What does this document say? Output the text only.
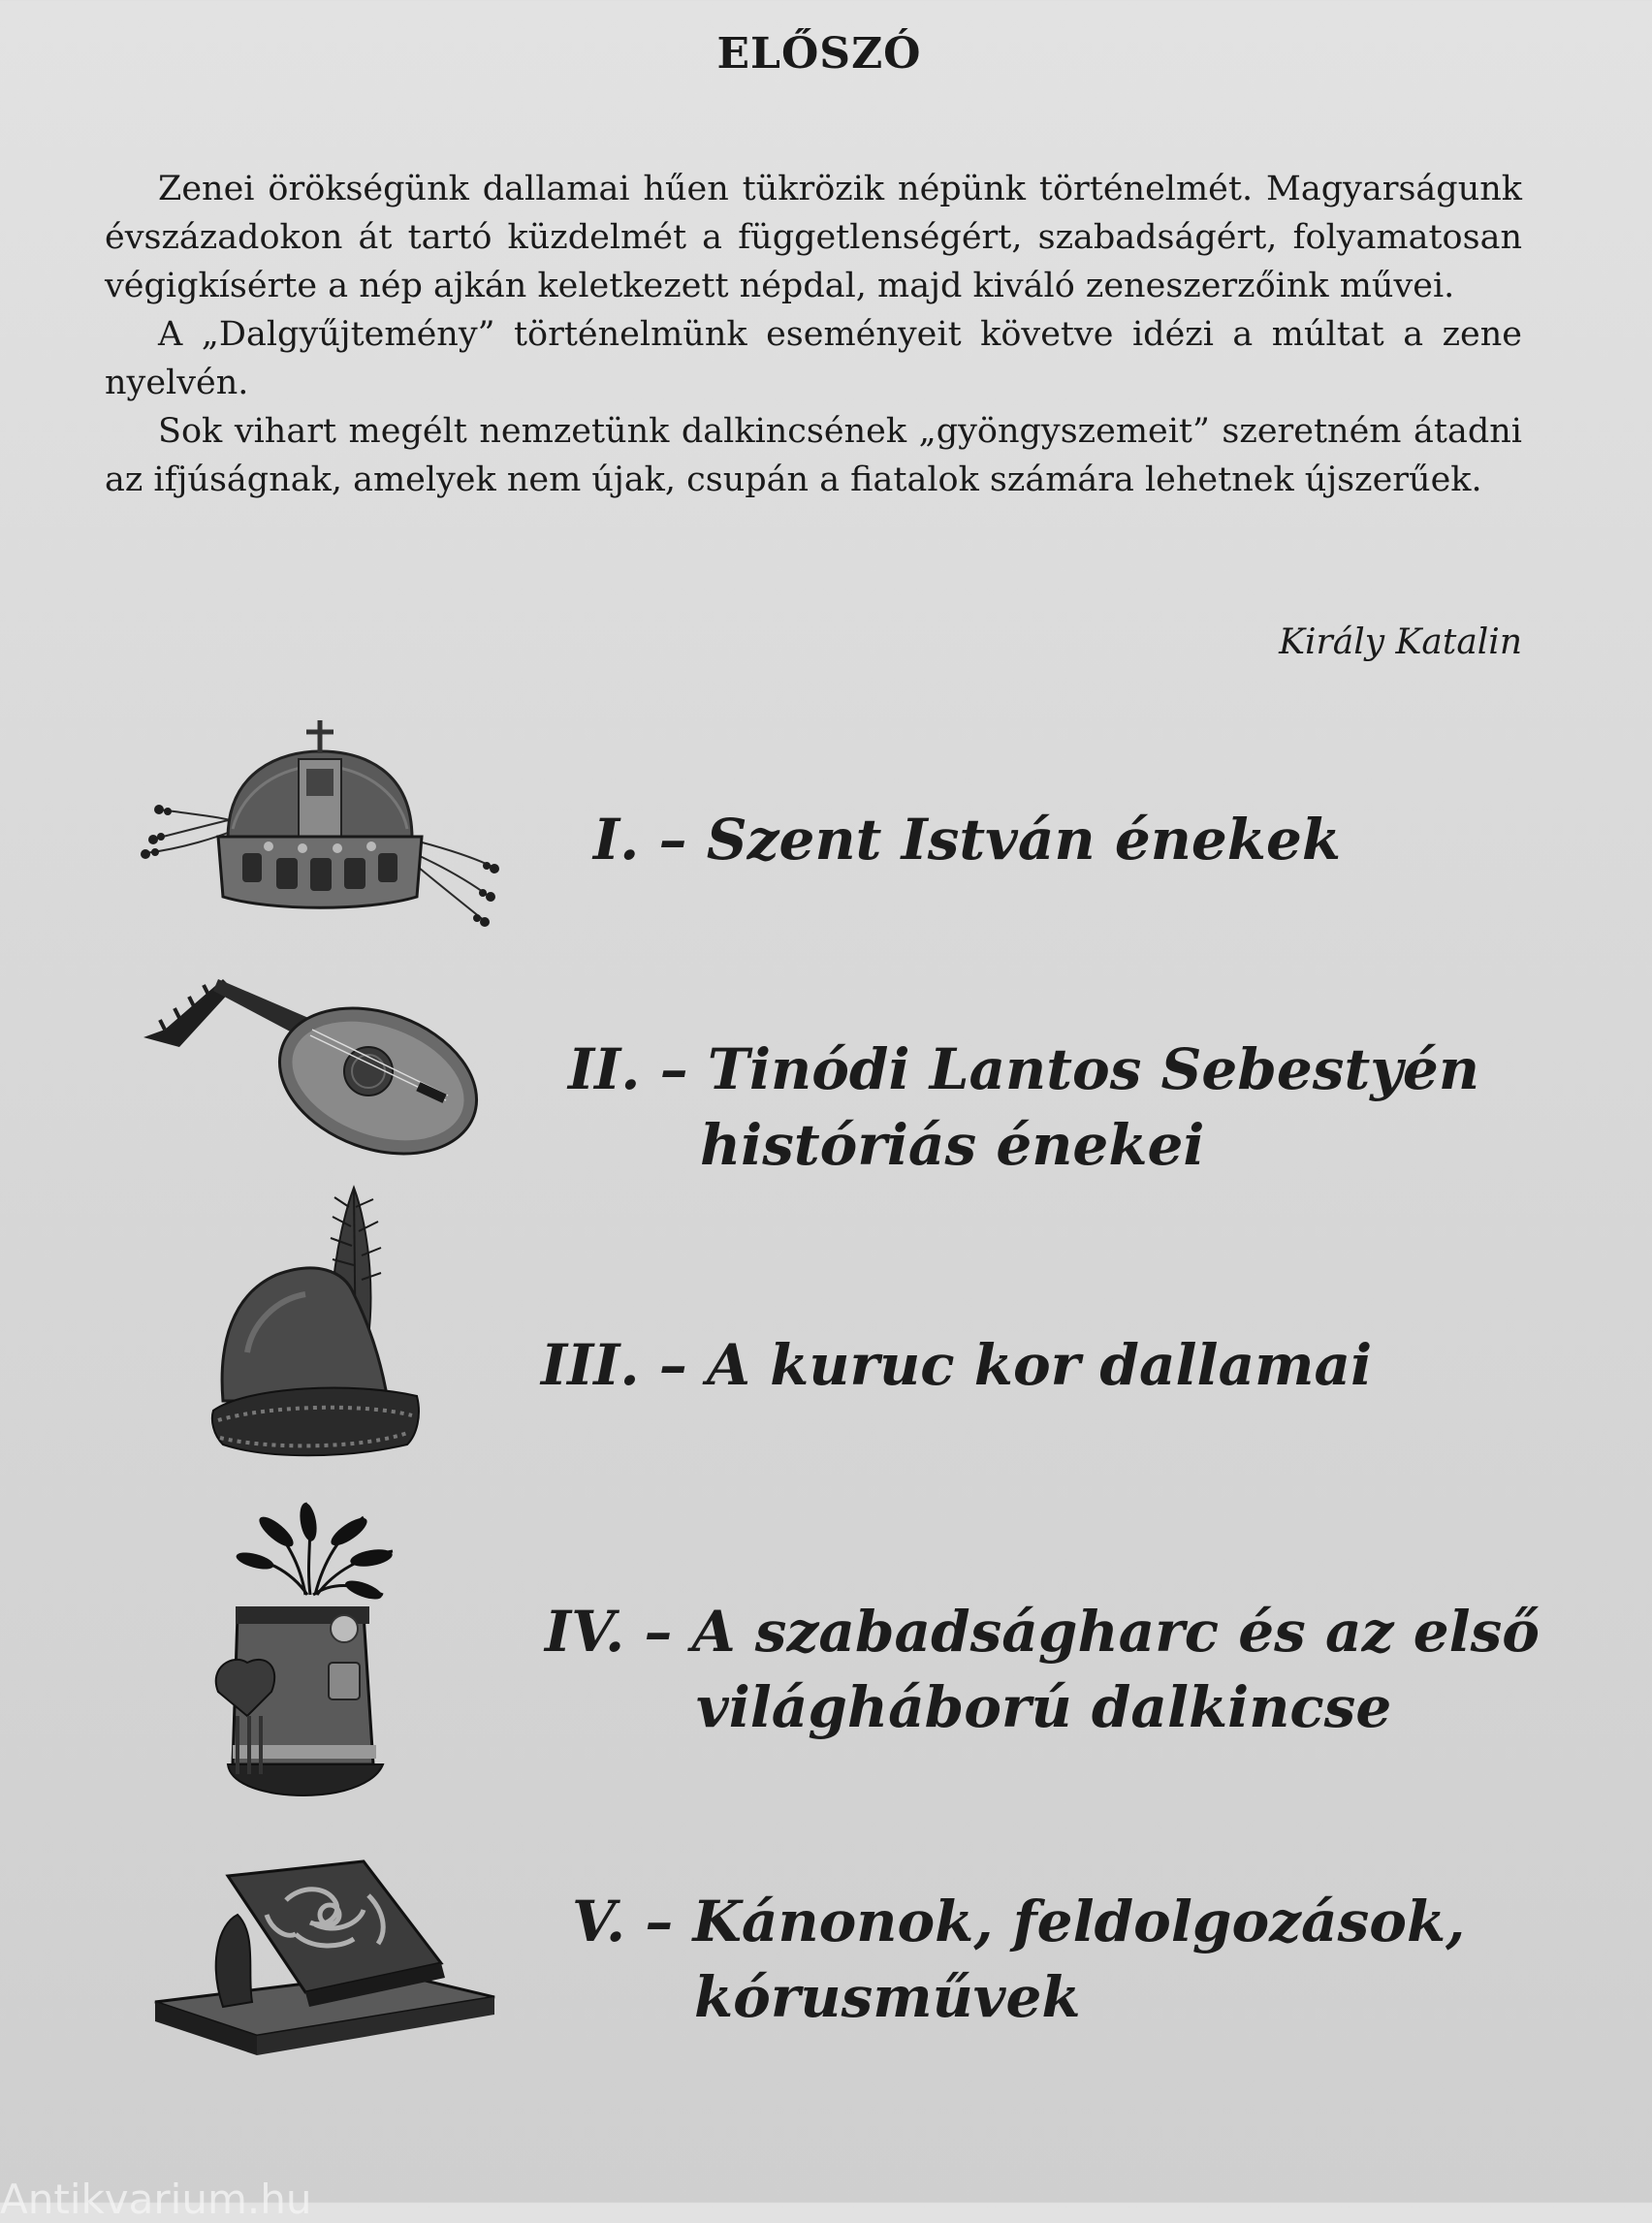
ELŐSZÓ

Zenei örökségünk dallamai hűen tükrözik népünk történelmét. Magyarságunk évszázadokon át tartó küzdelmét a függetlenségért, szabadságért, folyamatosan végigkísérte a nép ajkán keletkezett népdal, majd kiváló zeneszerzőink művei.

A „Dalgyűjtemény” történelmünk eseményeit követve idézi a múltat a zene nyelvén.

Sok vihart megélt nemzetünk dalkincsének „gyöngyszemeit” szeretném átadni az ifjúságnak, amelyek nem újak, csupán a fiatalok számára lehetnek újszerűek.

Király Katalin
I. – Szent István énekek
II. – Tinódi Lantos Sebestyén
históriás énekei
III. – A kuruc kor dallamai
IV. – A szabadságharc és az első
világháború dalkincse
V. – Kánonok, feldolgozások,
kórusművek
Antikvarium.hu
